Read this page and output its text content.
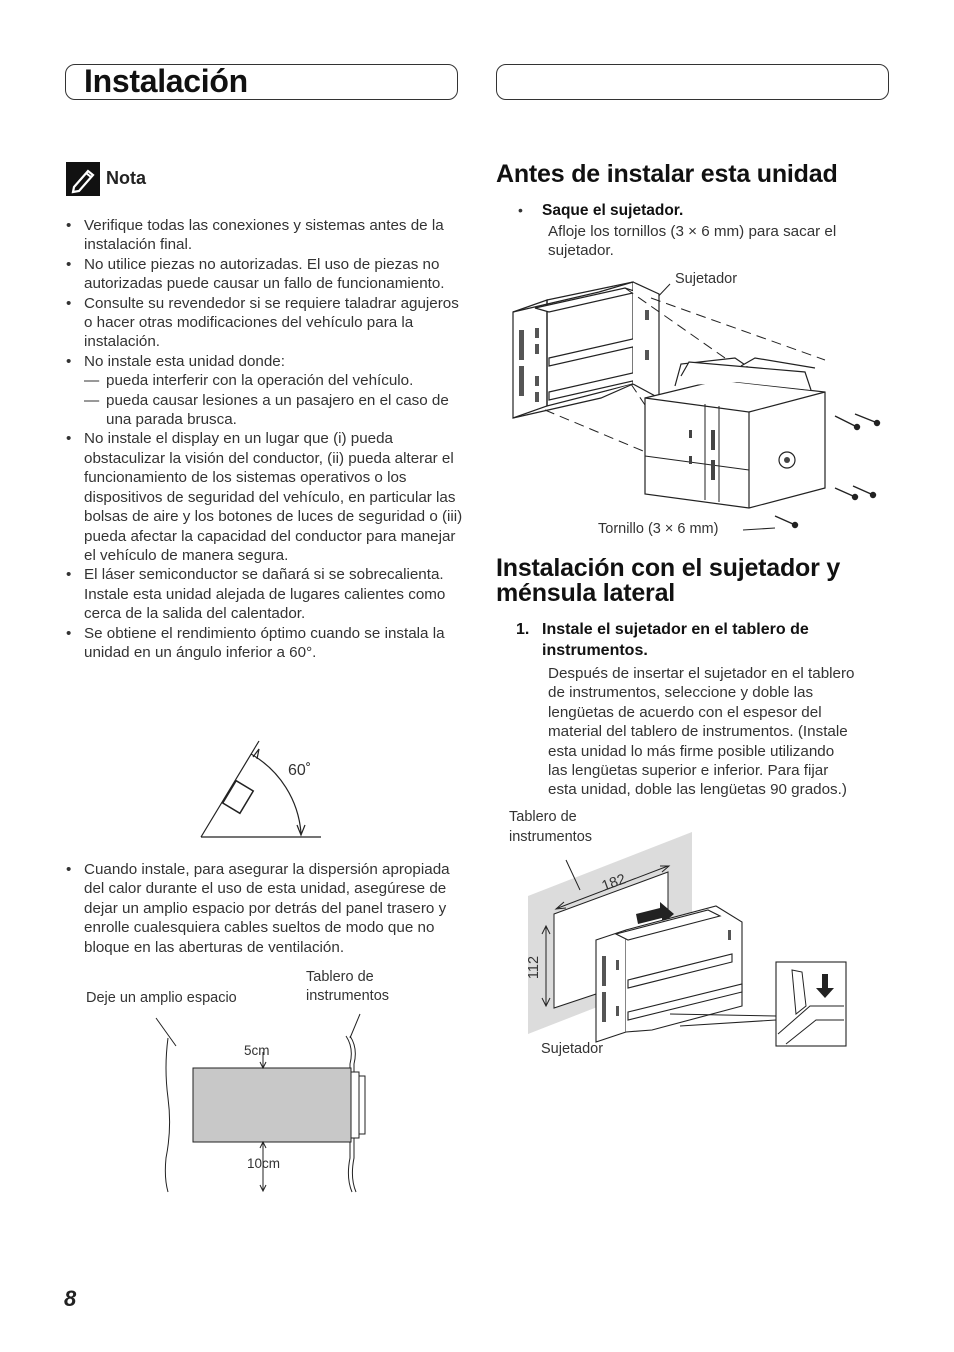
Instalación
Nota
• Verifique todas las conexiones y sistemas antes de la instalación final.
• No utilice piezas no autorizadas. El uso de piezas no autorizadas puede causar un fallo de funcionamiento.
• Consulte su revendedor si se requiere taladrar agujeros o hacer otras modificaciones del vehículo para la instalación.
• No instale esta unidad donde:
— pueda interferir con la operación del vehículo.
— pueda causar lesiones a un pasajero en el caso de una parada brusca.
• No instale el display en un lugar que (i) pueda obstaculizar la visión del conductor, (ii) pueda alterar el funcionamiento de los sistemas operativos o los dispositivos de seguridad del vehículo, en particular las bolsas de aire y los botones de luces de seguridad o (iii) pueda afectar la capacidad del conductor para manejar el vehículo de manera segura.
• El láser semiconductor se dañará si se sobrecalienta. Instale esta unidad alejada de lugares calientes como cerca de la salida del calentador.
• Se obtiene el rendimiento óptimo cuando se instala la unidad en un ángulo inferior a 60°.
60˚
• Cuando instale, para asegurar la dispersión apropiada del calor durante el uso de esta unidad, asegúrese de dejar un amplio espacio por detrás del panel trasero y enrolle cualesquiera cables sueltos de modo que no bloque en las aberturas de ventilación.
Deje un amplio espacio
Tablero de
instrumentos
5cm
10cm
Antes de instalar esta unidad
• Saque el sujetador.
Afloje los tornillos (3 × 6 mm) para sacar el
sujetador.
Sujetador
Tornillo (3 × 6 mm)
Instalación con el sujetador y
ménsula lateral
1. Instale el sujetador en el tablero de
instrumentos.
Después de insertar el sujetador en el tablero
de instrumentos, seleccione y doble las
lengüetas de acuerdo con el espesor del
material del tablero de instrumentos. (Instale
esta unidad lo más firme posible utilizando
las lengüetas superior e inferior. Para fijar
esta unidad, doble las lengüetas 90 grados.)
Tablero de
instrumentos
182
112
Sujetador
8
